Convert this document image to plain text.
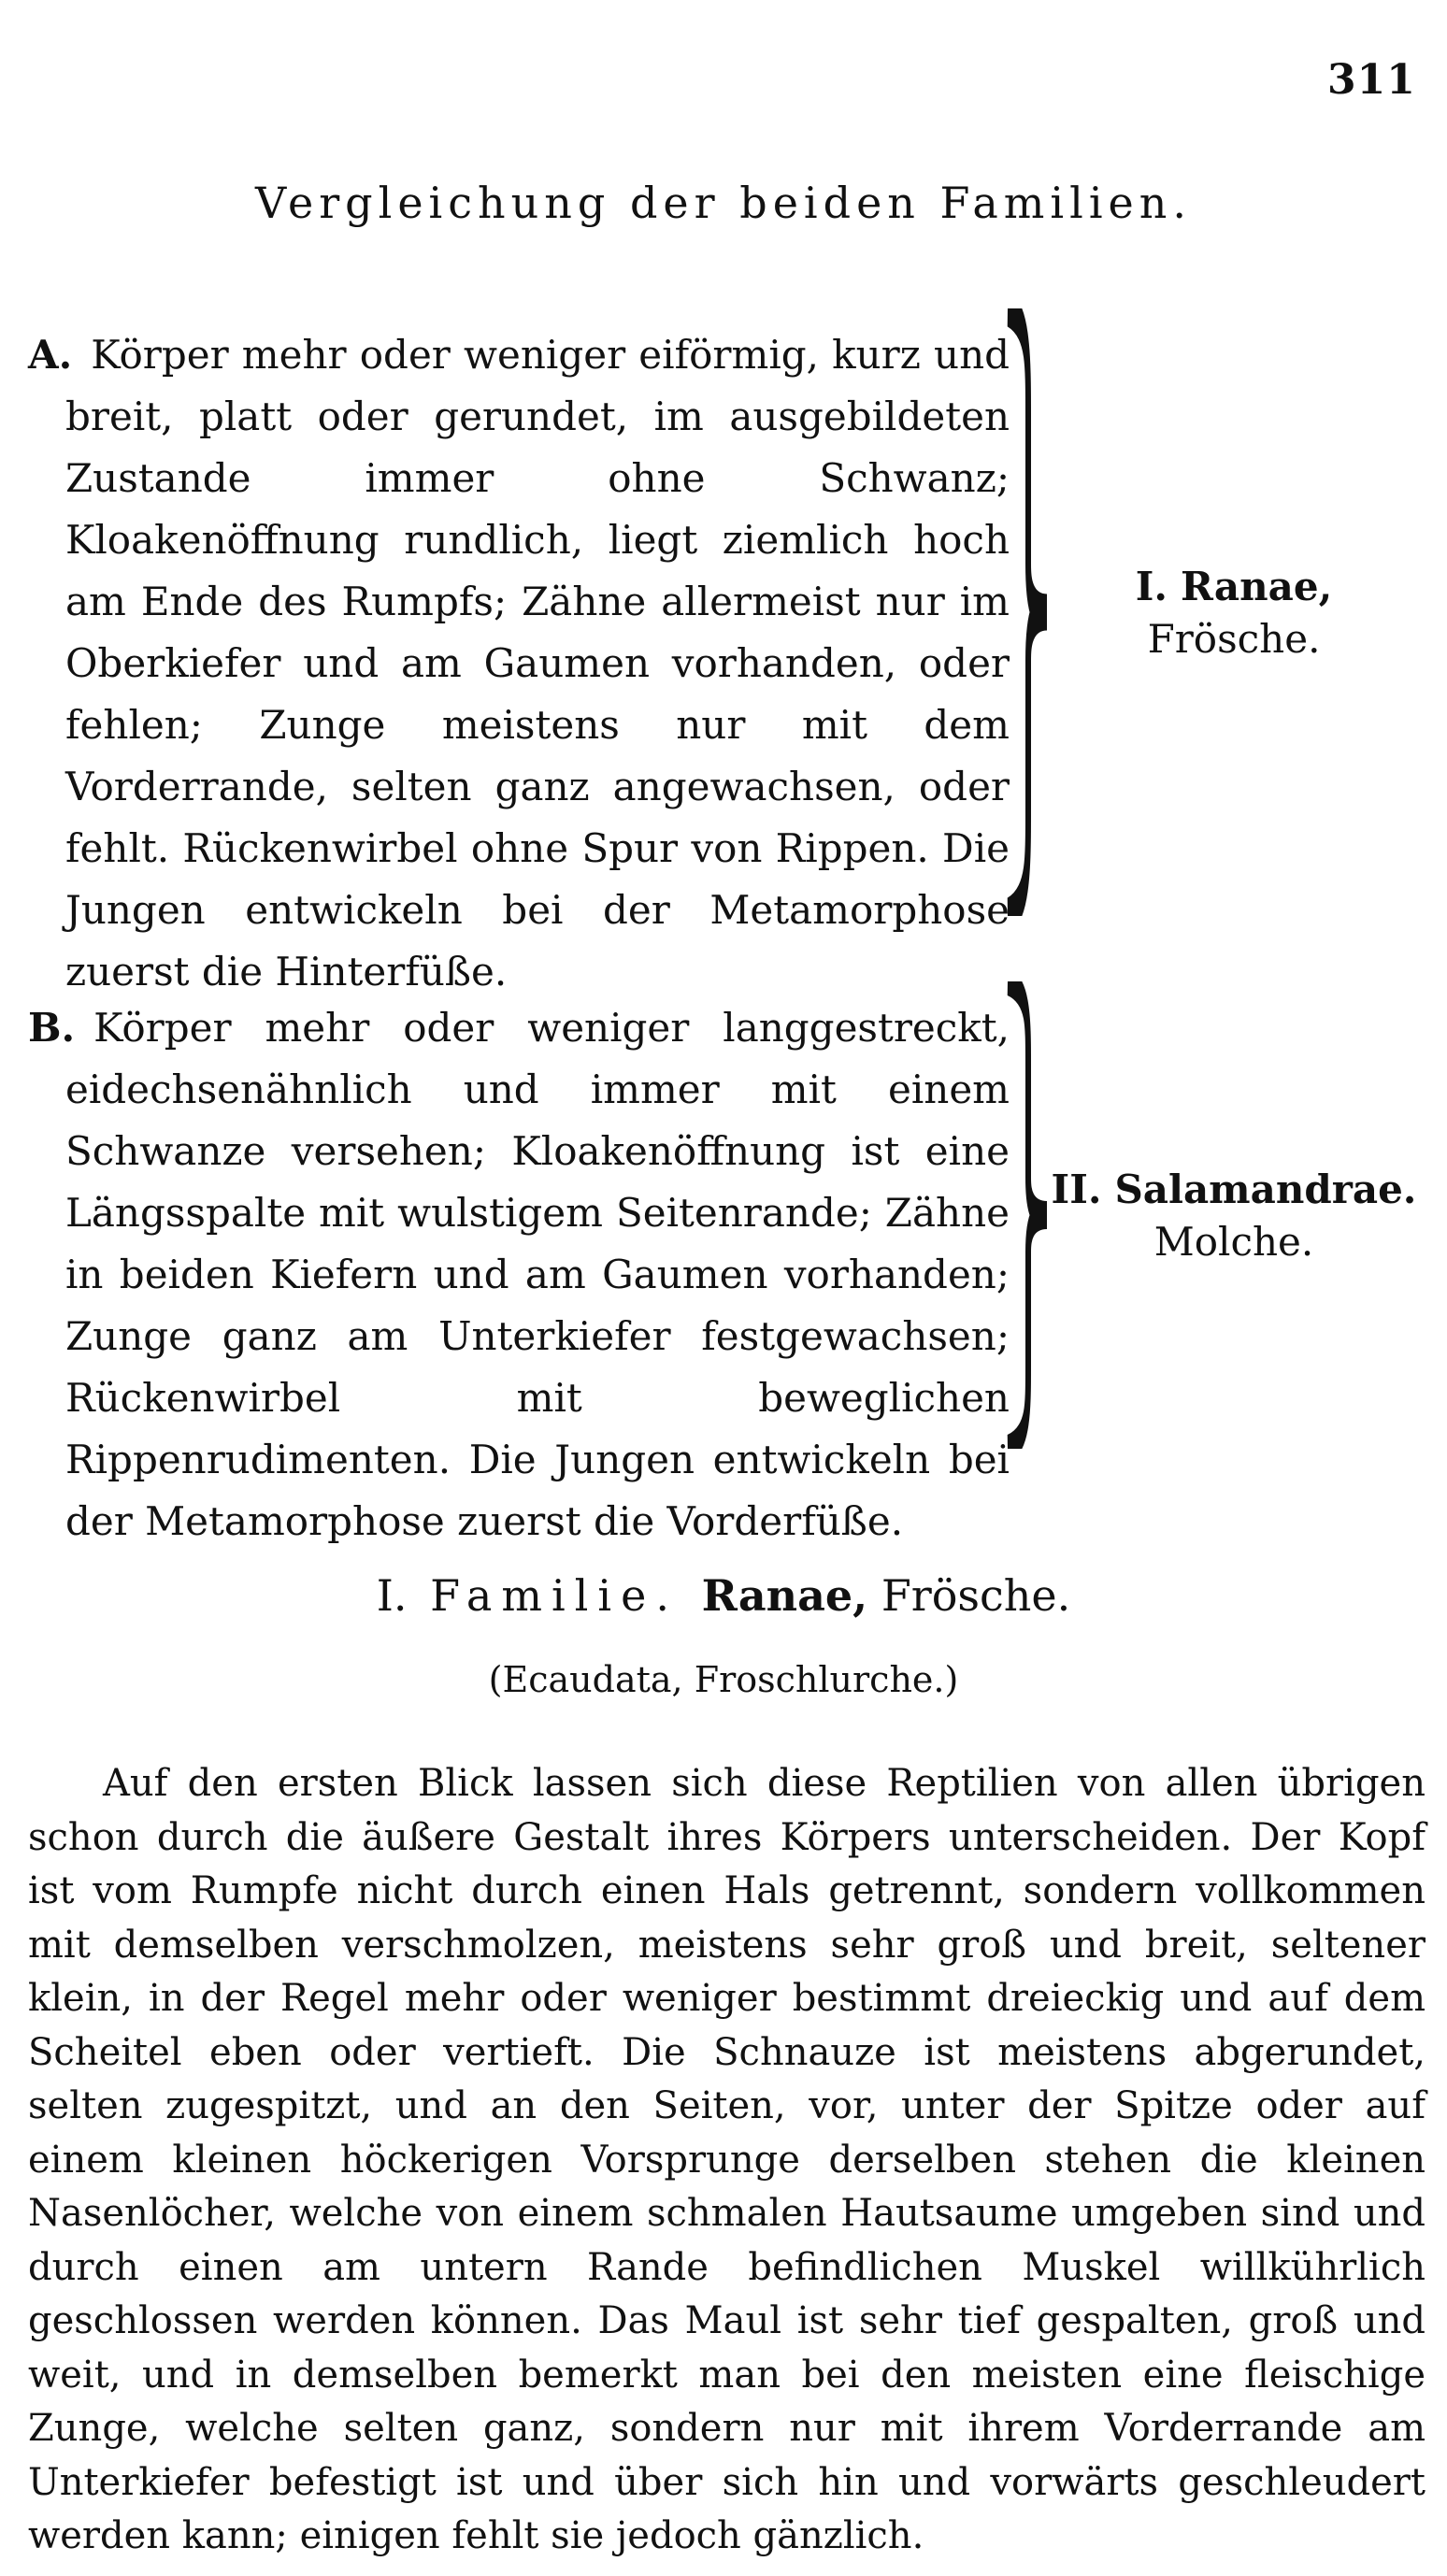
311
Vergleichung der beiden Familien.

A. Körper mehr oder weniger eiförmig, kurz und breit, platt oder gerundet, im ausgebildeten Zustande immer ohne Schwanz; Kloakenöffnung rundlich, liegt ziemlich hoch am Ende des Rumpfs; Zähne allermeist nur im Oberkiefer und am Gaumen vorhanden, oder fehlen; Zunge meistens nur mit dem Vorderrande, selten ganz angewachsen, oder fehlt. Rückenwirbel ohne Spur von Rippen. Die Jungen entwickeln bei der Metamorphose zuerst die Hinterfüße.

I. Ranae,
Frösche.

B. Körper mehr oder weniger langgestreckt, eidechsenähnlich und immer mit einem Schwanze versehen; Kloakenöffnung ist eine Längsspalte mit wulstigem Seitenrande; Zähne in beiden Kiefern und am Gaumen vorhanden; Zunge ganz am Unterkiefer festgewachsen; Rückenwirbel mit beweglichen Rippenrudimenten. Die Jungen entwickeln bei der Metamorphose zuerst die Vorderfüße.

II. Salamandrae.
Molche.
I. Familie. Ranae, Frösche.
(Ecaudata, Froschlurche.)

Auf den ersten Blick lassen sich diese Reptilien von allen übrigen schon durch die äußere Gestalt ihres Körpers unterscheiden. Der Kopf ist vom Rumpfe nicht durch einen Hals getrennt, sondern vollkommen mit demselben verschmolzen, meistens sehr groß und breit, seltener klein, in der Regel mehr oder weniger bestimmt dreieckig und auf dem Scheitel eben oder vertieft. Die Schnauze ist meistens abgerundet, selten zugespitzt, und an den Seiten, vor, unter der Spitze oder auf einem kleinen höckerigen Vorsprunge derselben stehen die kleinen Nasenlöcher, welche von einem schmalen Hautsaume umgeben sind und durch einen am untern Rande befindlichen Muskel willkührlich geschlossen werden können. Das Maul ist sehr tief gespalten, groß und weit, und in demselben bemerkt man bei den meisten eine fleischige Zunge, welche selten ganz, sondern nur mit ihrem Vorderrande am Unterkiefer befestigt ist und über sich hin und vorwärts geschleudert werden kann; einigen fehlt sie jedoch gänzlich.
